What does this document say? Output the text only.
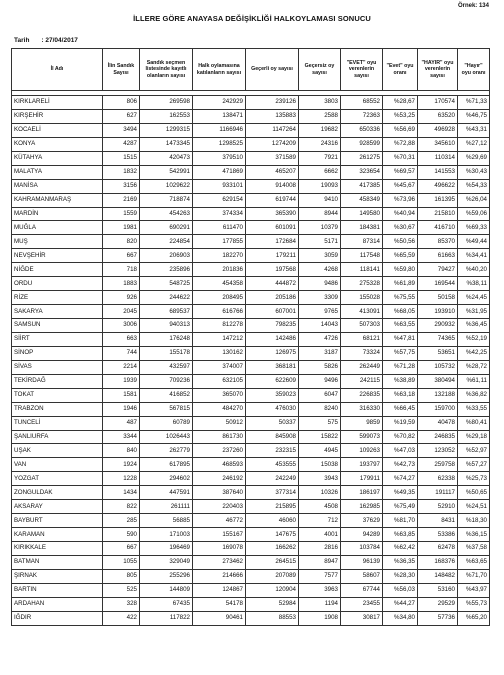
Örnek: 134
İLLERE GÖRE ANAYASA DEĞİŞİKLİĞİ HALKOYLAMASI SONUCU
Tarih : 27/04/2017
İl Adı	İlin Sandık Sayısı	Sandık seçmen listesinde kayıtlı olanların sayısı	Halk oylamasına katılanların sayısı	Geçerli oy sayısı	Geçersiz oy sayısı	"EVET" oyu verenlerin sayısı	"Evet" oyu oranı	"HAYIR" oyu verenlerin sayısı	"Hayır" oyu oranı

KIRKLARELİ	806	269598	242929	239126	3803	68552	%28,67	170574	%71,33
KIRŞEHİR	627	162553	138471	135883	2588	72363	%53,25	63520	%46,75
KOCAELİ	3494	1299315	1166946	1147264	19682	650336	%56,69	496928	%43,31
KONYA	4287	1473345	1298525	1274209	24316	928599	%72,88	345610	%27,12
KÜTAHYA	1515	420473	379510	371589	7921	261275	%70,31	110314	%29,69
MALATYA	1832	542991	471869	465207	6662	323654	%69,57	141553	%30,43
MANİSA	3156	1029622	933101	914008	19093	417385	%45,67	496622	%54,33
KAHRAMANMARAŞ	2169	718874	629154	619744	9410	458349	%73,96	161395	%26,04
MARDİN	1559	454263	374334	365390	8944	149580	%40,94	215810	%59,06
MUĞLA	1981	690291	611470	601091	10379	184381	%30,67	416710	%69,33
MUŞ	820	224854	177855	172684	5171	87314	%50,56	85370	%49,44
NEVŞEHİR	667	206903	182270	179211	3059	117548	%65,59	61663	%34,41
NİĞDE	718	235896	201836	197568	4268	118141	%59,80	79427	%40,20
ORDU	1883	548725	454358	444872	9486	275328	%61,89	169544	%38,11
RİZE	926	244622	208495	205186	3309	155028	%75,55	50158	%24,45
SAKARYA	2045	689537	616766	607001	9765	413091	%68,05	193910	%31,95
SAMSUN	3006	940313	812278	798235	14043	507303	%63,55	290932	%36,45
SİİRT	663	176248	147212	142486	4726	68121	%47,81	74365	%52,19
SİNOP	744	155178	130162	126975	3187	73324	%57,75	53651	%42,25
SİVAS	2214	432597	374007	368181	5826	262449	%71,28	105732	%28,72
TEKİRDAĞ	1939	709236	632105	622609	9496	242115	%38,89	380494	%61,11
TOKAT	1581	416852	365070	359023	6047	226835	%63,18	132188	%36,82
TRABZON	1946	567815	484270	476030	8240	316330	%66,45	159700	%33,55
TUNCELİ	487	60789	50912	50337	575	9859	%19,59	40478	%80,41
ŞANLIURFA	3344	1026443	861730	845908	15822	599073	%70,82	246835	%29,18
UŞAK	840	262779	237260	232315	4945	109263	%47,03	123052	%52,97
VAN	1924	617895	468593	453555	15038	193797	%42,73	259758	%57,27
YOZGAT	1228	294602	246192	242249	3943	179911	%74,27	62338	%25,73
ZONGULDAK	1434	447591	387640	377314	10326	186197	%49,35	191117	%50,65
AKSARAY	822	261111	220403	215895	4508	162985	%75,49	52910	%24,51
BAYBURT	285	56885	46772	46060	712	37629	%81,70	8431	%18,30
KARAMAN	590	171003	155167	147675	4001	94289	%63,85	53386	%36,15
KIRIKKALE	667	196469	169078	166262	2816	103784	%62,42	62478	%37,58
BATMAN	1055	329049	273462	264515	8947	96139	%36,35	168376	%63,65
ŞIRNAK	805	255296	214666	207089	7577	58607	%28,30	148482	%71,70
BARTIN	525	144809	124867	120904	3963	67744	%56,03	53160	%43,97
ARDAHAN	328	67435	54178	52984	1194	23455	%44,27	29529	%55,73
IĞDIR	422	117822	90461	88553	1908	30817	%34,80	57736	%65,20
